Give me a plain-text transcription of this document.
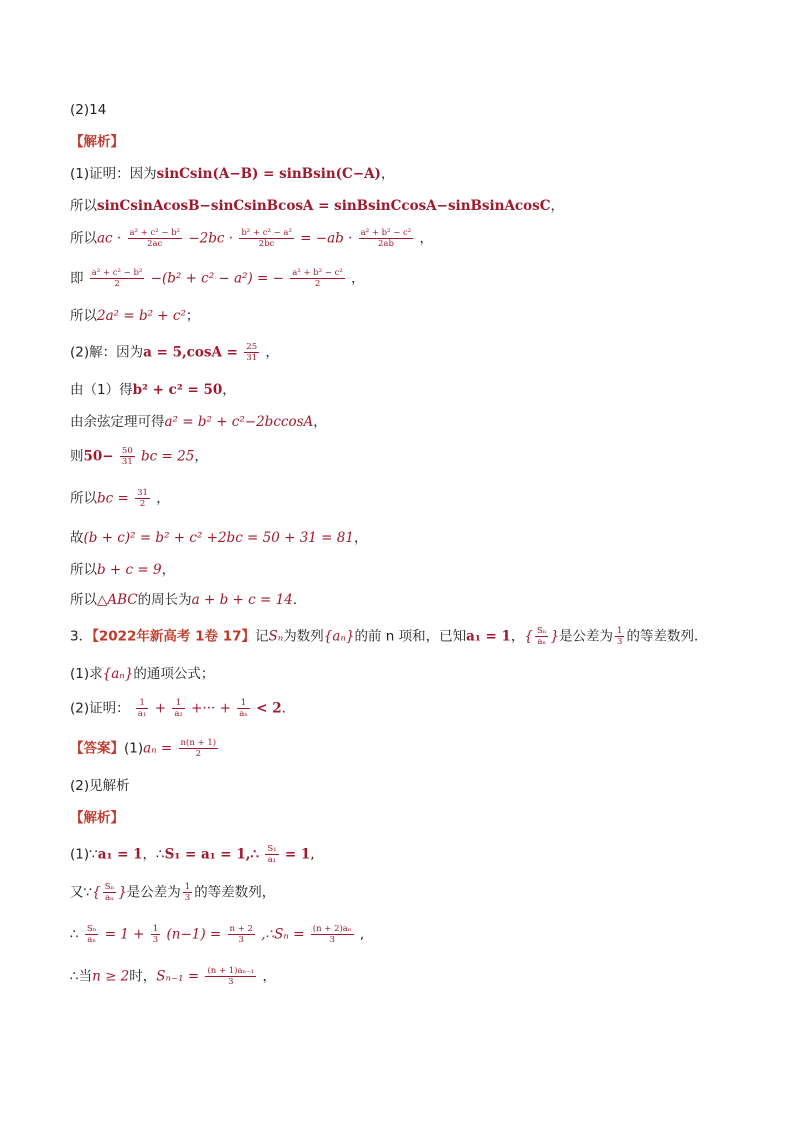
(2)14
【解析】
(1)证明：因为sinCsin(A−B) = sinBsin(C−A)，
所以sinCsinAcosB−sinCsinBcosA = sinBsinCcosA−sinBsinAcosC，
所以ac · $\frac{\text{a² + c² − b²}}{2ac} -2bc \cdot \frac{\text{b² + c² − a²}}{2bc} = -ab \cdot \frac{\text{a² + b² − c²}}{2ab}$ ，
即 $\frac{\text{a² + c² − b²}}{2} -(b^2 + c^2 - a^2)$ = − $\frac{\text{a² + b² − c²}}{2}$ ，
所以2a² = b² + c²；
(2)解：因为$a = 5,\cos A = \frac{25}{31}$ ，
由（1）得b² + c² = 50，
由余弦定理可得a² = b² + c²−2bccosA，
则$50- \frac{50}{31}$ bc = 25，
所以bc = $\frac{31}{2}$ ，
故(b + c)² = b² + c² +2bc = 50 + 31 = 81，
所以b + c = 9，
所以△ABC的周长为a + b + c = 14.
3．【2022年新高考 1卷 17】记Sₙ为数列{aₙ}的前 n 项和，已知a₁ = 1，{ $\frac{\text{Sₙ}}{\text{aₙ}}$ }是公差为 $\frac{1}{3}$ 的等差数列．
(1)求{aₙ}的通项公式；
(2)证明： $\frac{1}{\text{a₁}} + \frac{1}{\text{a₂}}$ +··· + $\frac{1}{\text{aₙ}} < 2$.
【答案】$(1)a_n = \frac{n(n + 1)}{2}$
(2)见解析
【解析】
(1)∵a₁ = 1，∴S₁ = a₁ = 1,∴ $\frac{\text{S₁}}{\text{a₁}} = 1$,
又∵{ $\frac{\text{Sₙ}}{\text{aₙ}}$ }是公差为 $\frac{1}{3}$ 的等差数列，
∴ $\frac{\text{Sₙ}}{\text{aₙ}} = 1 + \frac{1}{3} (n-1) = \frac{n + 2}{3}$ ,∴Sₙ = $\frac{\text{(n + 2)aₙ}}{3}$ ,
∴当n ≥ 2时，$S_{n-1} = \frac{\text{(n + 1)aₙ₋₁}}{3}$ ，
